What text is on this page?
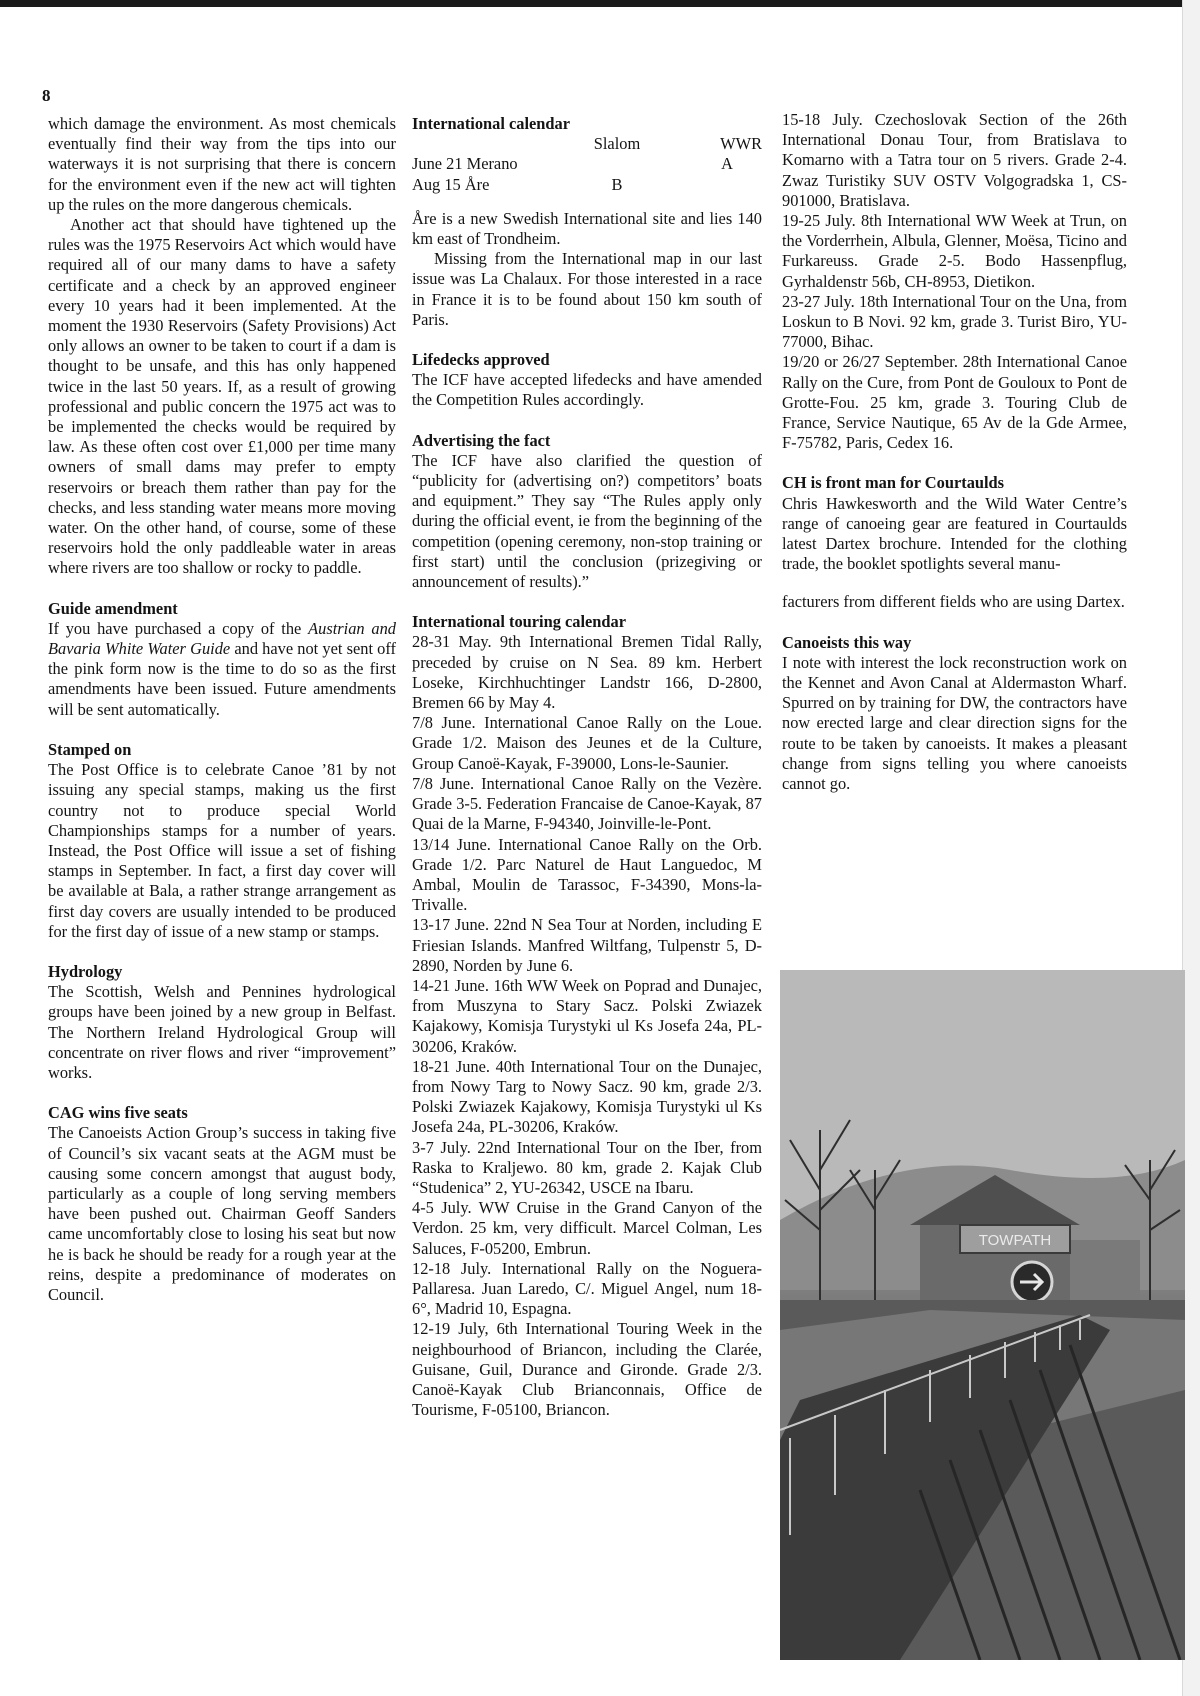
8

which damage the environment. As most chemicals eventually find their way from the tips into our waterways it is not surprising that there is concern for the environment even if the new act will tighten up the rules on the more dangerous chemicals.

Another act that should have tightened up the rules was the 1975 Reservoirs Act which would have required all of our many dams to have a safety certificate and a check by an approved engineer every 10 years had it been implemented. At the moment the 1930 Reservoirs (Safety Provisions) Act only allows an owner to be taken to court if a dam is thought to be unsafe, and this has only happened twice in the last 50 years. If, as a result of growing professional and public concern the 1975 act was to be implemented the checks would be required by law. As these often cost over £1,000 per time many owners of small dams may prefer to empty reservoirs or breach them rather than pay for the checks, and less standing water means more moving water. On the other hand, of course, some of these reservoirs hold the only paddleable water in areas where rivers are too shallow or rocky to paddle.

Guide amendment

If you have purchased a copy of the Austrian and Bavaria White Water Guide and have not yet sent off the pink form now is the time to do so as the first amendments have been issued. Future amendments will be sent automatically.

Stamped on

The Post Office is to celebrate Canoe ’81 by not issuing any special stamps, making us the first country not to produce special World Championships stamps for a number of years. Instead, the Post Office will issue a set of fishing stamps in September. In fact, a first day cover will be available at Bala, a rather strange arrangement as first day covers are usually intended to be produced for the first day of issue of a new stamp or stamps.

Hydrology

The Scottish, Welsh and Pennines hydrological groups have been joined by a new group in Belfast. The Northern Ireland Hydrological Group will concentrate on river flows and river “improvement” works.

CAG wins five seats

The Canoeists Action Group’s success in taking five of Council’s six vacant seats at the AGM must be causing some concern amongst that august body, particularly as a couple of long serving members have been pushed out. Chairman Geoff Sanders came uncomfortably close to losing his seat but now he is back he should be ready for a rough year at the reins, despite a predominance of moderates on Council.

International calendar

	Slalom	WWR
June 21 Merano		A
Aug 15 Åre	B	

Åre is a new Swedish International site and lies 140 km east of Trondheim.

Missing from the International map in our last issue was La Chalaux. For those interested in a race in France it is to be found about 150 km south of Paris.

Lifedecks approved

The ICF have accepted lifedecks and have amended the Competition Rules accordingly.

Advertising the fact

The ICF have also clarified the question of “publicity for (advertising on?) competitors’ boats and equipment.” They say “The Rules apply only during the official event, ie from the beginning of the competition (opening ceremony, non-stop training or first start) until the conclusion (prizegiving or announcement of results).”

International touring calendar

28-31 May. 9th International Bremen Tidal Rally, preceded by cruise on N Sea. 89 km. Herbert Loseke, Kirchhuchtinger Landstr 166, D-2800, Bremen 66 by May 4.

7/8 June. International Canoe Rally on the Loue. Grade 1/2. Maison des Jeunes et de la Culture, Group Canoë-Kayak, F-39000, Lons-le-Saunier.

7/8 June. International Canoe Rally on the Vezère. Grade 3-5. Federation Francaise de Canoe-Kayak, 87 Quai de la Marne, F-94340, Joinville-le-Pont.

13/14 June. International Canoe Rally on the Orb. Grade 1/2. Parc Naturel de Haut Languedoc, M Ambal, Moulin de Tarassoc, F-34390, Mons-la-Trivalle.

13-17 June. 22nd N Sea Tour at Norden, including E Friesian Islands. Manfred Wiltfang, Tulpenstr 5, D-2890, Norden by June 6.

14-21 June. 16th WW Week on Poprad and Dunajec, from Muszyna to Stary Sacz. Polski Zwiazek Kajakowy, Komisja Turystyki ul Ks Josefa 24a, PL-30206, Kraków.

18-21 June. 40th International Tour on the Dunajec, from Nowy Targ to Nowy Sacz. 90 km, grade 2/3. Polski Zwiazek Kajakowy, Komisja Turystyki ul Ks Josefa 24a, PL-30206, Kraków.

3-7 July. 22nd International Tour on the Iber, from Raska to Kraljewo. 80 km, grade 2. Kajak Club “Studenica” 2, YU-26342, USCE na Ibaru.

4-5 July. WW Cruise in the Grand Canyon of the Verdon. 25 km, very difficult. Marcel Colman, Les Saluces, F-05200, Embrun.

12-18 July. International Rally on the Noguera-Pallaresa. Juan Laredo, C/. Miguel Angel, num 18-6°, Madrid 10, Espagna.

12-19 July, 6th International Touring Week in the neighbourhood of Briancon, including the Clarée, Guisane, Guil, Durance and Gironde. Grade 2/3. Canoë-Kayak Club Brianconnais, Office de Tourisme, F-05100, Briancon.

15-18 July. Czechoslovak Section of the 26th International Donau Tour, from Bratislava to Komarno with a Tatra tour on 5 rivers. Grade 2-4. Zwaz Turistiky SUV OSTV Volgogradska 1, CS-901000, Bratislava.

19-25 July. 8th International WW Week at Trun, on the Vorderrhein, Albula, Glenner, Moësa, Ticino and Furkareuss. Grade 2-5. Bodo Hassenpflug, Gyrhaldenstr 56b, CH-8953, Dietikon.

23-27 July. 18th International Tour on the Una, from Loskun to B Novi. 92 km, grade 3. Turist Biro, YU-77000, Bihac.

19/20 or 26/27 September. 28th International Canoe Rally on the Cure, from Pont de Gouloux to Pont de Grotte-Fou. 25 km, grade 3. Touring Club de France, Service Nautique, 65 Av de la Gde Armee, F-75782, Paris, Cedex 16.

CH is front man for Courtaulds

Chris Hawkesworth and the Wild Water Centre’s range of canoeing gear are featured in Courtaulds latest Dartex brochure. Intended for the clothing trade, the booklet spotlights several manu-

facturers from different fields who are using Dartex.

Canoeists this way

I note with interest the lock reconstruction work on the Kennet and Avon Canal at Aldermaston Wharf. Spurred on by training for DW, the contractors have now erected large and clear direction signs for the route to be taken by canoeists. It makes a pleasant change from signs telling you where canoeists cannot go.

TOWPATH
